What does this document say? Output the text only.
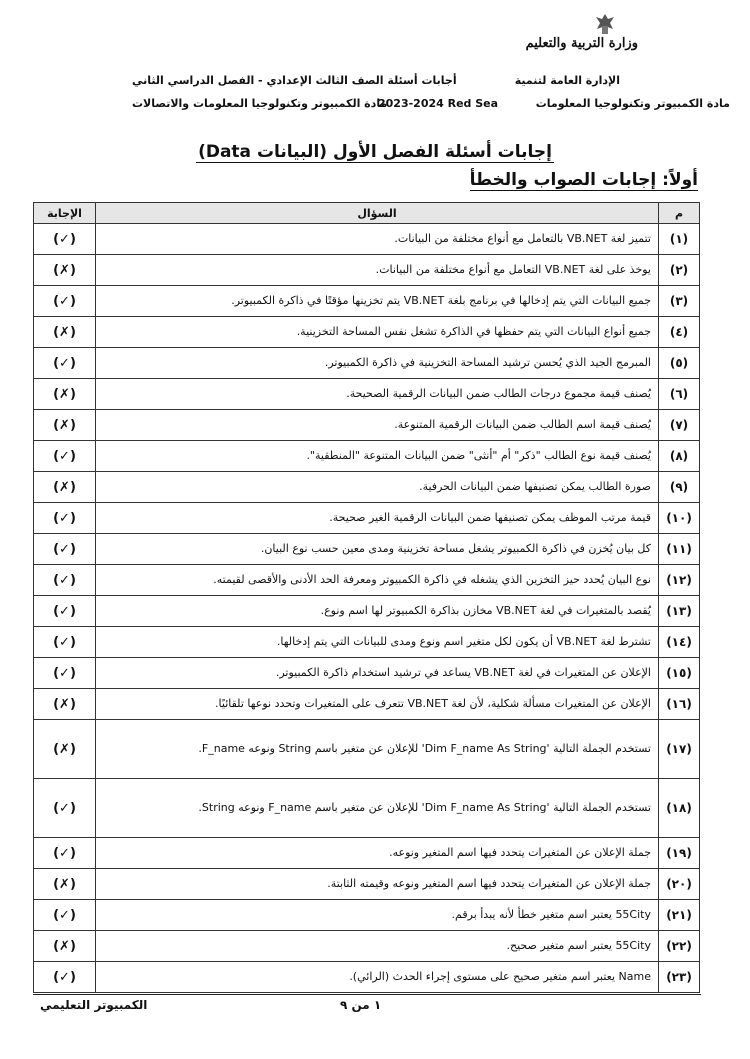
وزارة التربية والتعليم
الإدارة العامة لتنمية
مادة الكمبيوتر وتكنولوجيا المعلومات
2023-2024 Red Sea
أجابات أسئلة الصف الثالث الإعدادي - الفصل الدراسي الثاني
مادة الكمبيوتر وتكنولوجيا المعلومات والاتصالات
إجابات أسئلة الفصل الأول (البيانات Data)
أولاً: إجابات الصواب والخطأ
م	السؤال	الإجابة
(١)	تتميز لغة VB.NET بالتعامل مع أنواع مختلفة من البيانات.	(✓)
(٢)	يوخذ على لغة VB.NET التعامل مع أنواع مختلفة من البيانات.	(✗)
(٣)	جميع البيانات التي يتم إدخالها في برنامج بلغة VB.NET يتم تخزينها مؤقتًا في ذاكرة الكمبيوتر.	(✓)
(٤)	جميع أنواع البيانات التي يتم حفظها في الذاكرة تشغل نفس المساحة التخزينية.	(✗)
(٥)	المبرمج الجيد الذي يُحسن ترشيد المساحة التخزينية في ذاكرة الكمبيوتر.	(✓)
(٦)	يُصنف قيمة مجموع درجات الطالب ضمن البيانات الرقمية الصحيحة.	(✗)
(٧)	يُصنف قيمة اسم الطالب ضمن البيانات الرقمية المتنوعة.	(✗)
(٨)	يُصنف قيمة نوع الطالب "ذكر" أم "أنثى" ضمن البيانات المتنوعة "المنطقية".	(✓)
(٩)	صورة الطالب يمكن تصنيفها ضمن البيانات الحرفية.	(✗)
(١٠)	قيمة مرتب الموظف يمكن تصنيفها ضمن البيانات الرقمية الغير صحيحة.	(✓)
(١١)	كل بيان يُخزن في ذاكرة الكمبيوتر يشغل مساحة تخزينية ومدى معين حسب نوع البيان.	(✓)
(١٢)	نوع البيان يُحدد حيز التخزين الذي يشغله في ذاكرة الكمبيوتر ومعرفة الحد الأدنى والأقصى لقيمته.	(✓)
(١٣)	يُقصد بالمتغيرات في لغة VB.NET مخازن بذاكرة الكمبيوتر لها اسم ونوع.	(✓)
(١٤)	تشترط لغة VB.NET أن يكون لكل متغير اسم ونوع ومدى للبيانات التي يتم إدخالها.	(✓)
(١٥)	الإعلان عن المتغيرات في لغة VB.NET يساعد في ترشيد استخدام ذاكرة الكمبيوتر.	(✓)
(١٦)	الإعلان عن المتغيرات مسألة شكلية، لأن لغة VB.NET تتعرف على المتغيرات وتحدد نوعها تلقائيًا.	(✗)
(١٧)	تستخدم الجملة التالية 'Dim F_name As String' للإعلان عن متغير باسم String ونوعه F_name.	(✗)
(١٨)	تستخدم الجملة التالية 'Dim F_name As String' للإعلان عن متغير باسم F_name ونوعه String.	(✓)
(١٩)	جملة الإعلان عن المتغيرات يتحدد فيها اسم المتغير ونوعه.	(✓)
(٢٠)	جملة الإعلان عن المتغيرات يتحدد فيها اسم المتغير ونوعه وقيمته الثابتة.	(✗)
(٢١)	55City يعتبر اسم متغير خطأ لأنه يبدأ برقم.	(✓)
(٢٢)	55City يعتبر اسم متغير صحيح.	(✗)
(٢٣)	Name يعتبر اسم متغير صحيح على مستوى إجراء الحدث (الرائي).	(✓)
الكمبيوتر التعليمي	١ من ٩
